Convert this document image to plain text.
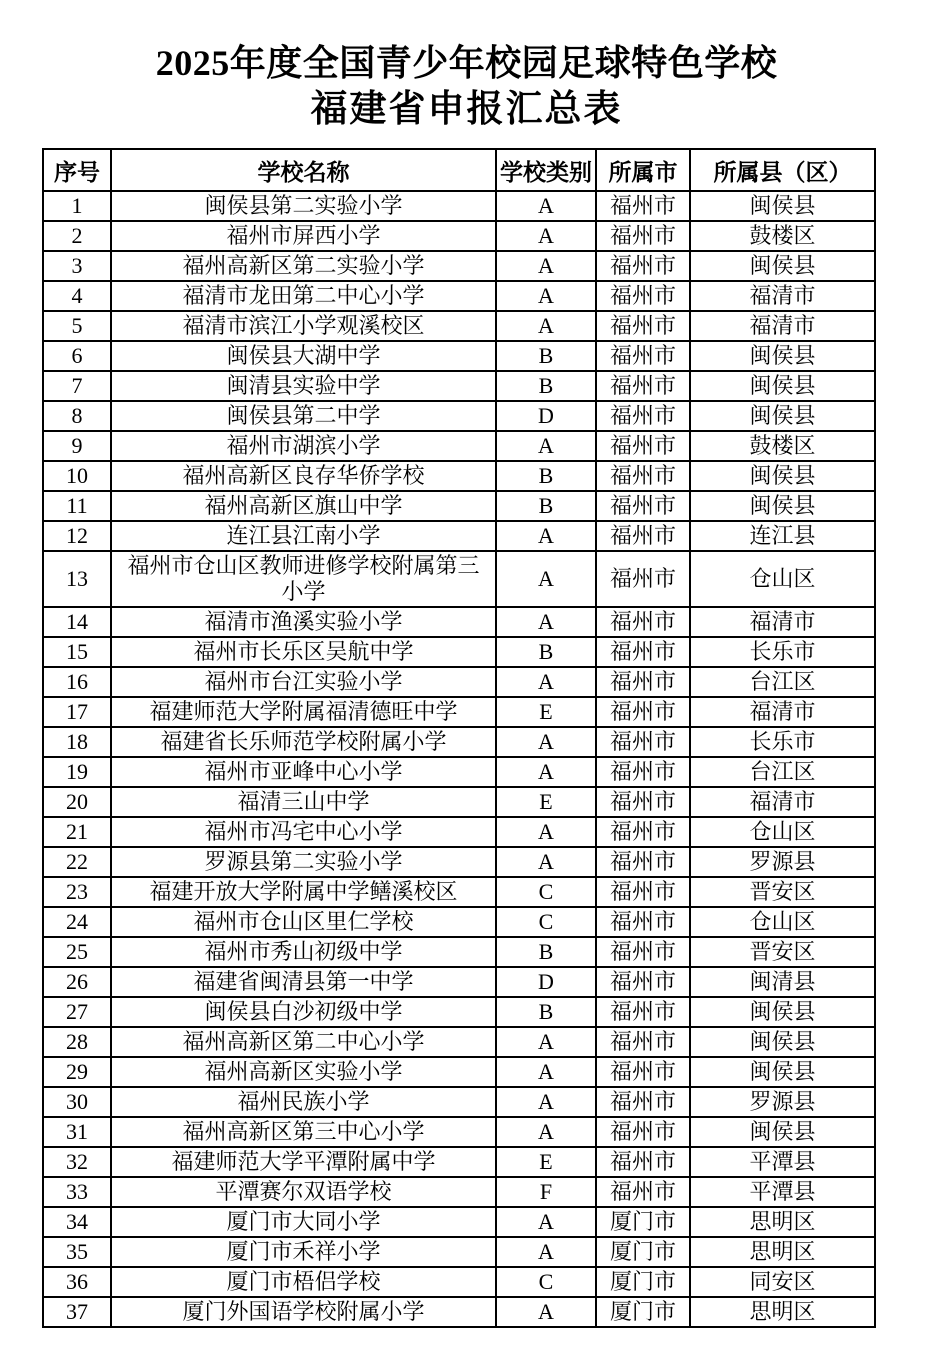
2025年度全国青少年校园足球特色学校
福建省申报汇总表
序号	学校名称	学校类别	所属市	所属县（区）
1	闽侯县第二实验小学	A	福州市	闽侯县
2	福州市屏西小学	A	福州市	鼓楼区
3	福州高新区第二实验小学	A	福州市	闽侯县
4	福清市龙田第二中心小学	A	福州市	福清市
5	福清市滨江小学观溪校区	A	福州市	福清市
6	闽侯县大湖中学	B	福州市	闽侯县
7	闽清县实验中学	B	福州市	闽侯县
8	闽侯县第二中学	D	福州市	闽侯县
9	福州市湖滨小学	A	福州市	鼓楼区
10	福州高新区良存华侨学校	B	福州市	闽侯县
11	福州高新区旗山中学	B	福州市	闽侯县
12	连江县江南小学	A	福州市	连江县
13	福州市仓山区教师进修学校附属第三小学	A	福州市	仓山区
14	福清市渔溪实验小学	A	福州市	福清市
15	福州市长乐区吴航中学	B	福州市	长乐市
16	福州市台江实验小学	A	福州市	台江区
17	福建师范大学附属福清德旺中学	E	福州市	福清市
18	福建省长乐师范学校附属小学	A	福州市	长乐市
19	福州市亚峰中心小学	A	福州市	台江区
20	福清三山中学	E	福州市	福清市
21	福州市冯宅中心小学	A	福州市	仓山区
22	罗源县第二实验小学	A	福州市	罗源县
23	福建开放大学附属中学鳝溪校区	C	福州市	晋安区
24	福州市仓山区里仁学校	C	福州市	仓山区
25	福州市秀山初级中学	B	福州市	晋安区
26	福建省闽清县第一中学	D	福州市	闽清县
27	闽侯县白沙初级中学	B	福州市	闽侯县
28	福州高新区第二中心小学	A	福州市	闽侯县
29	福州高新区实验小学	A	福州市	闽侯县
30	福州民族小学	A	福州市	罗源县
31	福州高新区第三中心小学	A	福州市	闽侯县
32	福建师范大学平潭附属中学	E	福州市	平潭县
33	平潭赛尔双语学校	F	福州市	平潭县
34	厦门市大同小学	A	厦门市	思明区
35	厦门市禾祥小学	A	厦门市	思明区
36	厦门市梧侣学校	C	厦门市	同安区
37	厦门外国语学校附属小学	A	厦门市	思明区
